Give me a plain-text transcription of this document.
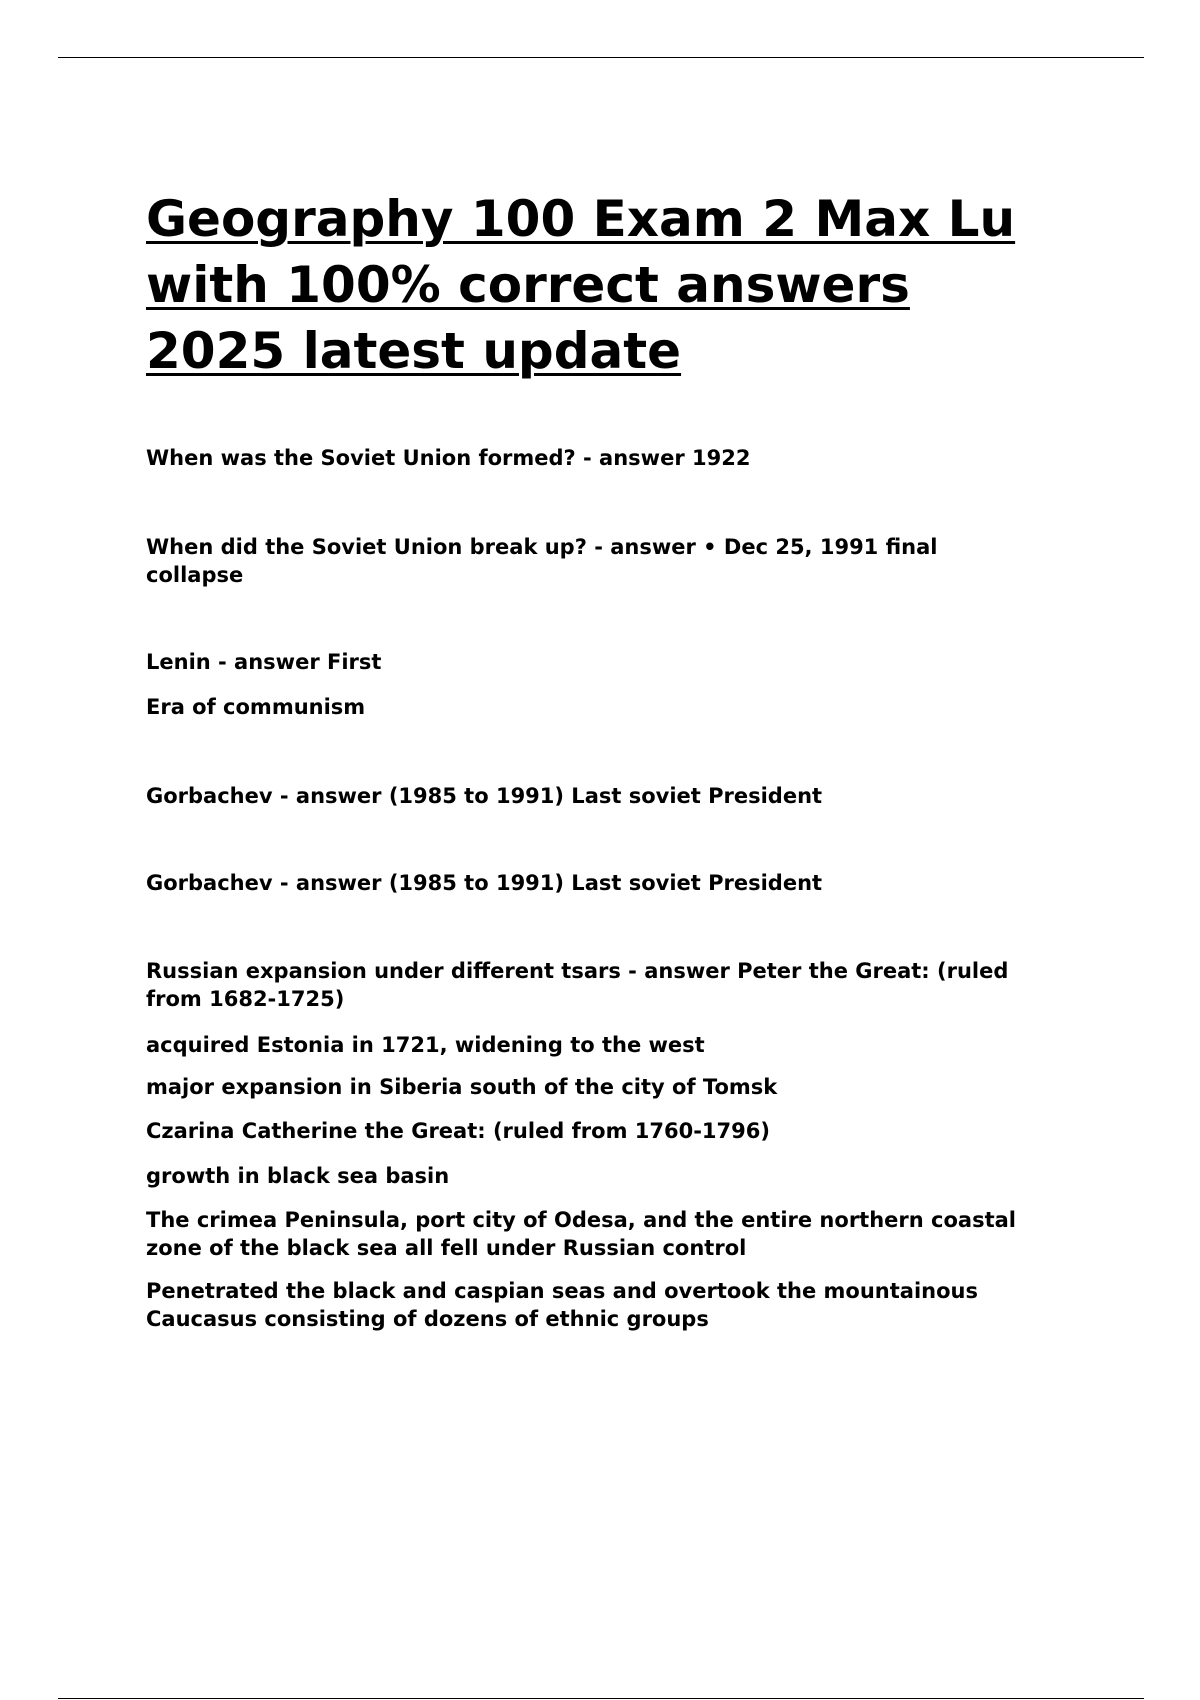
Geography 100 Exam 2 Max Lu
with 100% correct answers
2025 latest update

When was the Soviet Union formed? - answer 1922

When did the Soviet Union break up? - answer • Dec 25, 1991 final
collapse

Lenin - answer First

Era of communism

Gorbachev - answer (1985 to 1991) Last soviet President

Gorbachev - answer (1985 to 1991) Last soviet President

Russian expansion under different tsars - answer Peter the Great: (ruled
from 1682-1725)

acquired Estonia in 1721, widening to the west

major expansion in Siberia south of the city of Tomsk

Czarina Catherine the Great: (ruled from 1760-1796)

growth in black sea basin

The crimea Peninsula, port city of Odesa, and the entire northern coastal
zone of the black sea all fell under Russian control

Penetrated the black and caspian seas and overtook the mountainous
Caucasus consisting of dozens of ethnic groups
